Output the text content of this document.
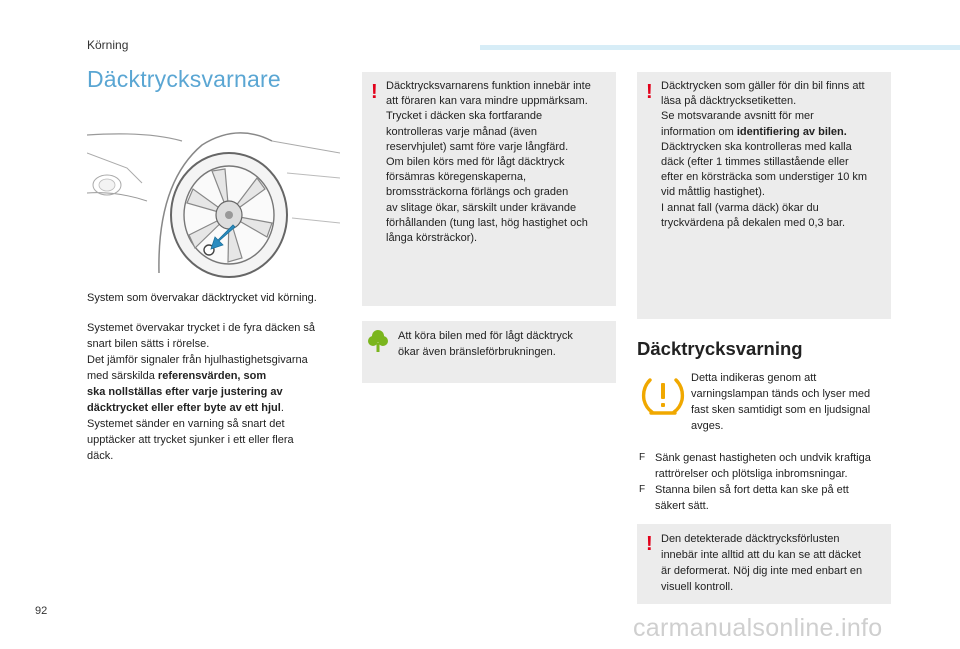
Körning
Däcktrycksvarnare

System som övervakar däcktrycket vid körning.

Systemet övervakar trycket i de fyra däcken så
snart bilen sätts i rörelse.
Det jämför signaler från hjulhastighetsgivarna
med särskilda referensvärden, som
ska nollställas efter varje justering av
däcktrycket eller efter byte av ett hjul.
Systemet sänder en varning så snart det
upptäcker att trycket sjunker i ett eller flera
däck.
! Däcktrycksvarnarens funktion innebär inte
att föraren kan vara mindre uppmärksam.
Trycket i däcken ska fortfarande
kontrolleras varje månad (även
reservhjulet) samt före varje långfärd.
Om bilen körs med för lågt däcktryck
försämras köregenskaperna,
bromssträckorna förlängs och graden
av slitage ökar, särskilt under krävande
förhållanden (tung last, hög hastighet och
långa körsträckor).
Att köra bilen med för lågt däcktryck
ökar även bränsleförbrukningen.
! Däcktrycken som gäller för din bil finns att
läsa på däcktrycksetiketten.
Se motsvarande avsnitt för mer
information om identifiering av bilen.
Däcktrycken ska kontrolleras med kalla
däck (efter 1 timmes stillastående eller
efter en körsträcka som understiger 10 km
vid måttlig hastighet).
I annat fall (varma däck) ökar du
tryckvärdena på dekalen med 0,3 bar.
Däcktrycksvarning
Detta indikeras genom att
varningslampan tänds och lyser med
fast sken samtidigt som en ljudsignal
avges.
F Sänk genast hastigheten och undvik kraftiga
rattrörelser och plötsliga inbromsningar.
F Stanna bilen så fort detta kan ske på ett
säkert sätt.
! Den detekterade däcktrycksförlusten
innebär inte alltid att du kan se att däcket
är deformerat. Nöj dig inte med enbart en
visuell kontroll.
92
carmanualsonline.info
